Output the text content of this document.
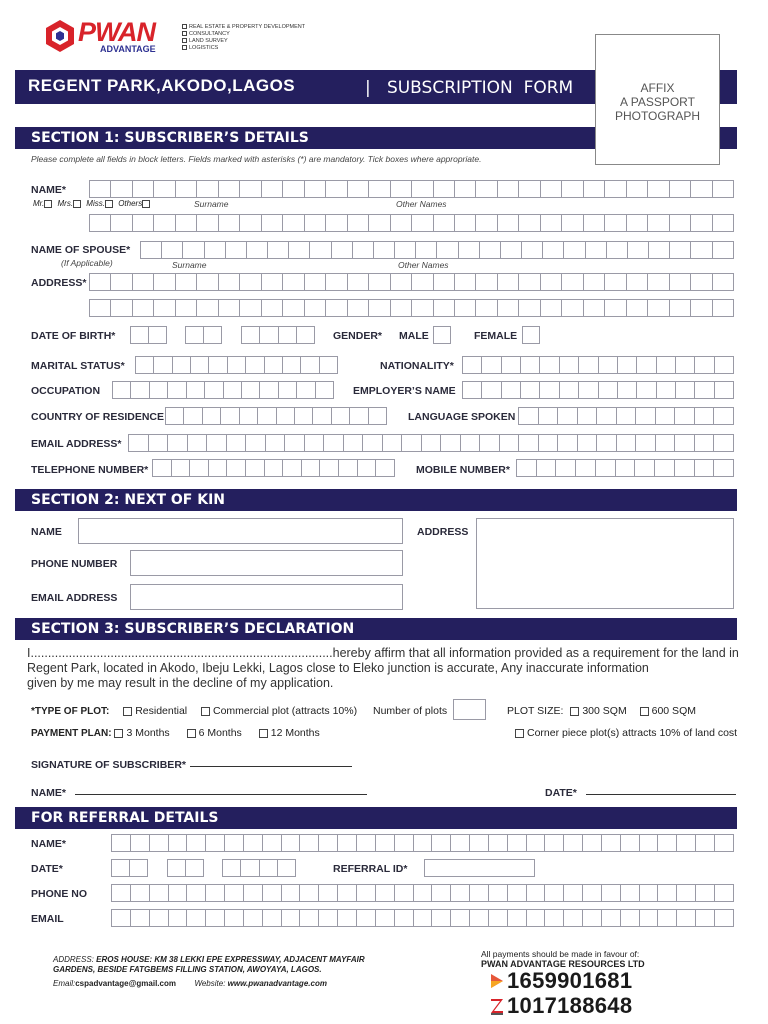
PWAN
ADVANTAGE
REAL ESTATE & PROPERTY DEVELOPMENT
CONSULTANCY
LAND SURVEY
LOGISTICS
REGENT PARK,AKODO,LAGOS	|   SUBSCRIPTION  FORM	AFFIX
A PASSPORT
PHOTOGRAPH
SECTION 1: SUBSCRIBER’S DETAILS
Please complete all fields in block letters. Fields marked with asterisks (*) are mandatory. Tick boxes where appropriate.
NAME*
Mr. Mrs. Miss. Others	Surname	Other Names
NAME OF SPOUSE*
(If Applicable)	Surname	Other Names
ADDRESS*
DATE OF BIRTH*	GENDER* MALE	FEMALE
MARITAL STATUS*	NATIONALITY*
OCCUPATION	EMPLOYER’S NAME
COUNTRY OF RESIDENCE	LANGUAGE SPOKEN
EMAIL ADDRESS*
TELEPHONE NUMBER*	MOBILE NUMBER*
SECTION 2: NEXT OF KIN
NAME	ADDRESS
PHONE NUMBER
EMAIL ADDRESS
SECTION 3: SUBSCRIBER’S DECLARATION
I.......................................................................................hereby affirm that all information provided as a requirement for the land in
Regent Park, located in Akodo, Ibeju Lekki, Lagos close to Eleko junction is accurate, Any inaccurate information
given by me may result in the decline of my application.
*TYPE OF PLOT: Residential Commercial plot (attracts 10%) Number of plots	PLOT SIZE: 300 SQM 600 SQM
PAYMENT PLAN: 3 Months	6 Months	12 Months	Corner piece plot(s) attracts 10% of land cost
SIGNATURE OF SUBSCRIBER*
NAME*	DATE*
FOR REFERRAL DETAILS
NAME*
DATE*	REFERRAL ID*
PHONE NO
EMAIL
ADDRESS: EROS HOUSE: KM 38 LEKKI EPE EXPRESSWAY, ADJACENT MAYFAIR
GARDENS, BESIDE FATGBEMS FILLING STATION, AWOYAYA, LAGOS.
Email:cspadvantage@gmail.com Website: www.pwanadvantage.com
All payments should be made in favour of:
PWAN ADVANTAGE RESOURCES LTD
1659901681
1017188648
